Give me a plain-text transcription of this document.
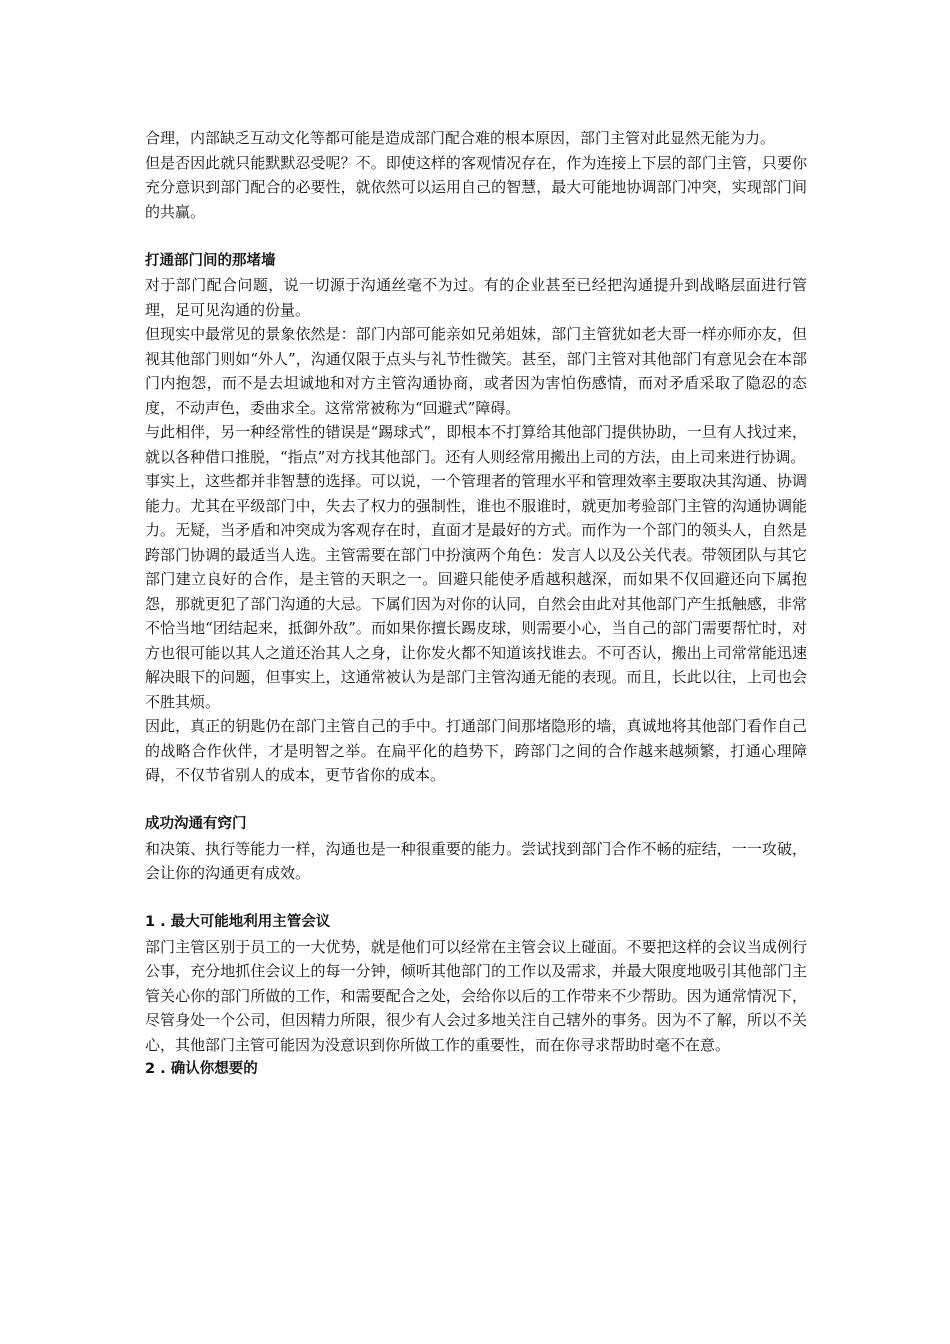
合理，内部缺乏互动文化等都可能是造成部门配合难的根本原因，部门主管对此显然无能为力。

但是否因此就只能默默忍受呢？不。即使这样的客观情况存在，作为连接上下层的部门主管，只要你充分意识到部门配合的必要性，就依然可以运用自己的智慧，最大可能地协调部门冲突，实现部门间的共赢。

打通部门间的那堵墙

对于部门配合问题，说一切源于沟通丝毫不为过。有的企业甚至已经把沟通提升到战略层面进行管理，足可见沟通的份量。

但现实中最常见的景象依然是：部门内部可能亲如兄弟姐妹，部门主管犹如老大哥一样亦师亦友，但视其他部门则如“外人”，沟通仅限于点头与礼节性微笑。甚至，部门主管对其他部门有意见会在本部门内抱怨，而不是去坦诚地和对方主管沟通协商，或者因为害怕伤感情，而对矛盾采取了隐忍的态度，不动声色，委曲求全。这常常被称为“回避式”障碍。

与此相伴，另一种经常性的错误是“踢球式”，即根本不打算给其他部门提供协助，一旦有人找过来，就以各种借口推脱，“指点”对方找其他部门。还有人则经常用搬出上司的方法，由上司来进行协调。

事实上，这些都并非智慧的选择。可以说，一个管理者的管理水平和管理效率主要取决其沟通、协调能力。尤其在平级部门中，失去了权力的强制性，谁也不服谁时，就更加考验部门主管的沟通协调能力。无疑，当矛盾和冲突成为客观存在时，直面才是最好的方式。而作为一个部门的领头人，自然是跨部门协调的最适当人选。主管需要在部门中扮演两个角色：发言人以及公关代表。带领团队与其它部门建立良好的合作，是主管的天职之一。回避只能使矛盾越积越深，而如果不仅回避还向下属抱怨，那就更犯了部门沟通的大忌。下属们因为对你的认同，自然会由此对其他部门产生抵触感，非常不恰当地“团结起来，抵御外敌”。而如果你擅长踢皮球，则需要小心，当自己的部门需要帮忙时，对方也很可能以其人之道还治其人之身，让你发火都不知道该找谁去。不可否认，搬出上司常常能迅速解决眼下的问题，但事实上，这通常被认为是部门主管沟通无能的表现。而且，长此以往，上司也会不胜其烦。

因此，真正的钥匙仍在部门主管自己的手中。打通部门间那堵隐形的墙，真诚地将其他部门看作自己的战略合作伙伴，才是明智之举。在扁平化的趋势下，跨部门之间的合作越来越频繁，打通心理障碍，不仅节省别人的成本，更节省你的成本。

成功沟通有窍门

和决策、执行等能力一样，沟通也是一种很重要的能力。尝试找到部门合作不畅的症结，一一攻破，会让你的沟通更有成效。

1 . 最大可能地利用主管会议

部门主管区别于员工的一大优势，就是他们可以经常在主管会议上碰面。不要把这样的会议当成例行公事，充分地抓住会议上的每一分钟，倾听其他部门的工作以及需求，并最大限度地吸引其他部门主管关心你的部门所做的工作，和需要配合之处，会给你以后的工作带来不少帮助。因为通常情况下，尽管身处一个公司，但因精力所限，很少有人会过多地关注自己辖外的事务。因为不了解，所以不关心，其他部门主管可能因为没意识到你所做工作的重要性，而在你寻求帮助时毫不在意。

2 . 确认你想要的
